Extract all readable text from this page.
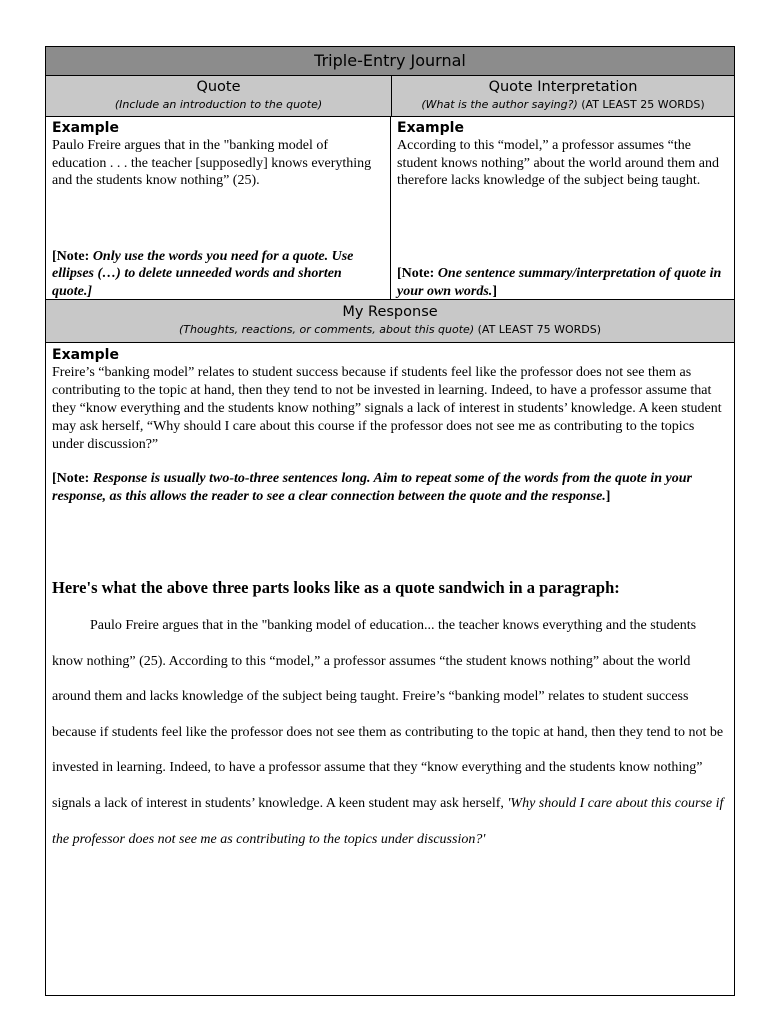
Triple-Entry Journal
Quote
(Include an introduction to the quote)
Quote Interpretation
(What is the author saying?) (AT LEAST 25 WORDS)
Example

Paulo Freire argues that in the "banking model of education . . . the teacher [supposedly] knows everything and the students know nothing” (25).

[Note: Only use the words you need for a quote. Use ellipses (…) to delete unneeded words and shorten quote.]
Example

According to this “model,” a professor assumes “the student knows nothing” about the world around them and therefore lacks knowledge of the subject being taught.

[Note: One sentence summary/interpretation of quote in your own words.]
My Response
(Thoughts, reactions, or comments, about this quote) (AT LEAST 75 WORDS)
Example

Freire’s “banking model” relates to student success because if students feel like the professor does not see them as contributing to the topic at hand, then they tend to not be invested in learning. Indeed, to have a professor assume that they “know everything and the students know nothing” signals a lack of interest in students’ knowledge. A keen student may ask herself, “Why should I care about this course if the professor does not see me as contributing to the topics under discussion?”

[Note: Response is usually two-to-three sentences long. Aim to repeat some of the words from the quote in your response, as this allows the reader to see a clear connection between the quote and the response.]

Here's what the above three parts looks like as a quote sandwich in a paragraph:

Paulo Freire argues that in the "banking model of education... the teacher knows everything and the students know nothing” (25). According to this “model,” a professor assumes “the student knows nothing” about the world around them and lacks knowledge of the subject being taught. Freire’s “banking model” relates to student success because if students feel like the professor does not see them as contributing to the topic at hand, then they tend to not be invested in learning. Indeed, to have a professor assume that they “know everything and the students know nothing” signals a lack of interest in students’ knowledge. A keen student may ask herself, 'Why should I care about this course if the professor does not see me as contributing to the topics under discussion?'
